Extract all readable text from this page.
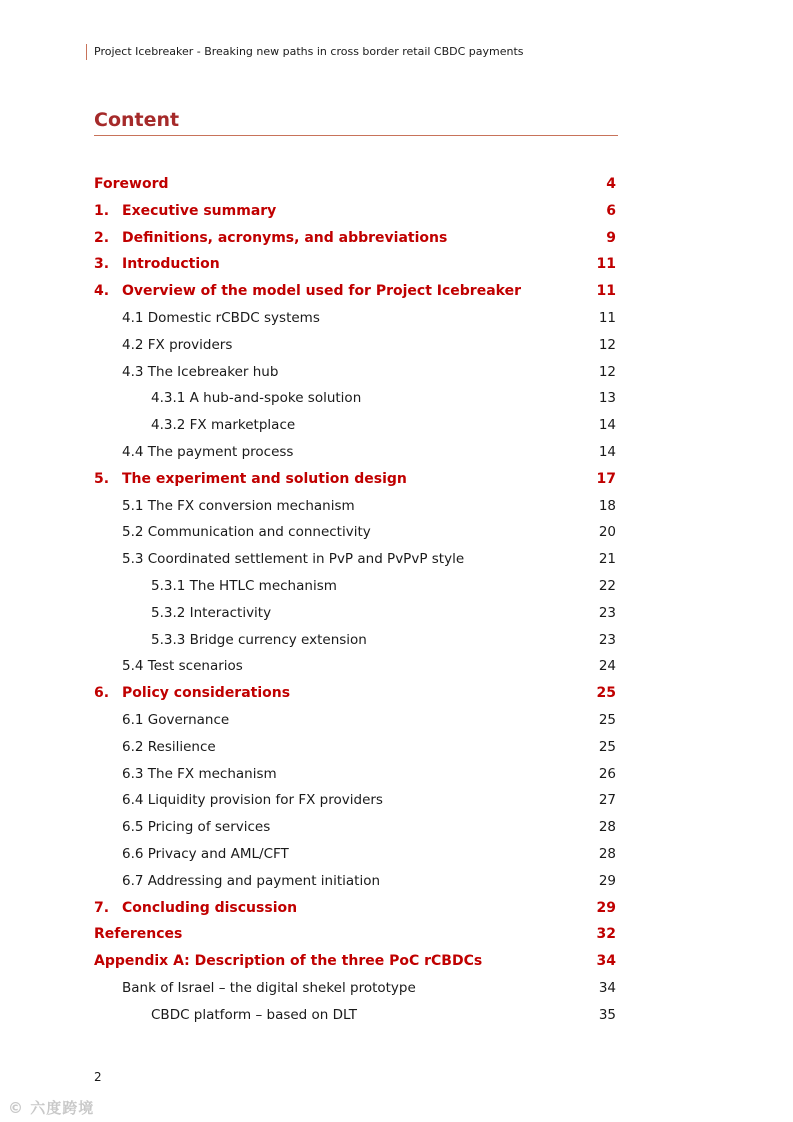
Project Icebreaker - Breaking new paths in cross border retail CBDC payments
Content
Foreword	4
1. Executive summary	6
2. Definitions, acronyms, and abbreviations	9
3. Introduction	11
4. Overview of the model used for Project Icebreaker	11
4.1 Domestic rCBDC systems	11
4.2 FX providers	12
4.3 The Icebreaker hub	12
4.3.1 A hub-and-spoke solution	13
4.3.2 FX marketplace	14
4.4 The payment process	14
5. The experiment and solution design	17
5.1 The FX conversion mechanism	18
5.2 Communication and connectivity	20
5.3 Coordinated settlement in PvP and PvPvP style	21
5.3.1 The HTLC mechanism	22
5.3.2 Interactivity	23
5.3.3 Bridge currency extension	23
5.4 Test scenarios	24
6. Policy considerations	25
6.1 Governance	25
6.2 Resilience	25
6.3 The FX mechanism	26
6.4 Liquidity provision for FX providers	27
6.5 Pricing of services	28
6.6 Privacy and AML/CFT	28
6.7 Addressing and payment initiation	29
7. Concluding discussion	29
References	32
Appendix A: Description of the three PoC rCBDCs	34
Bank of Israel – the digital shekel prototype	34
CBDC platform – based on DLT	35
2
© 六度跨境
